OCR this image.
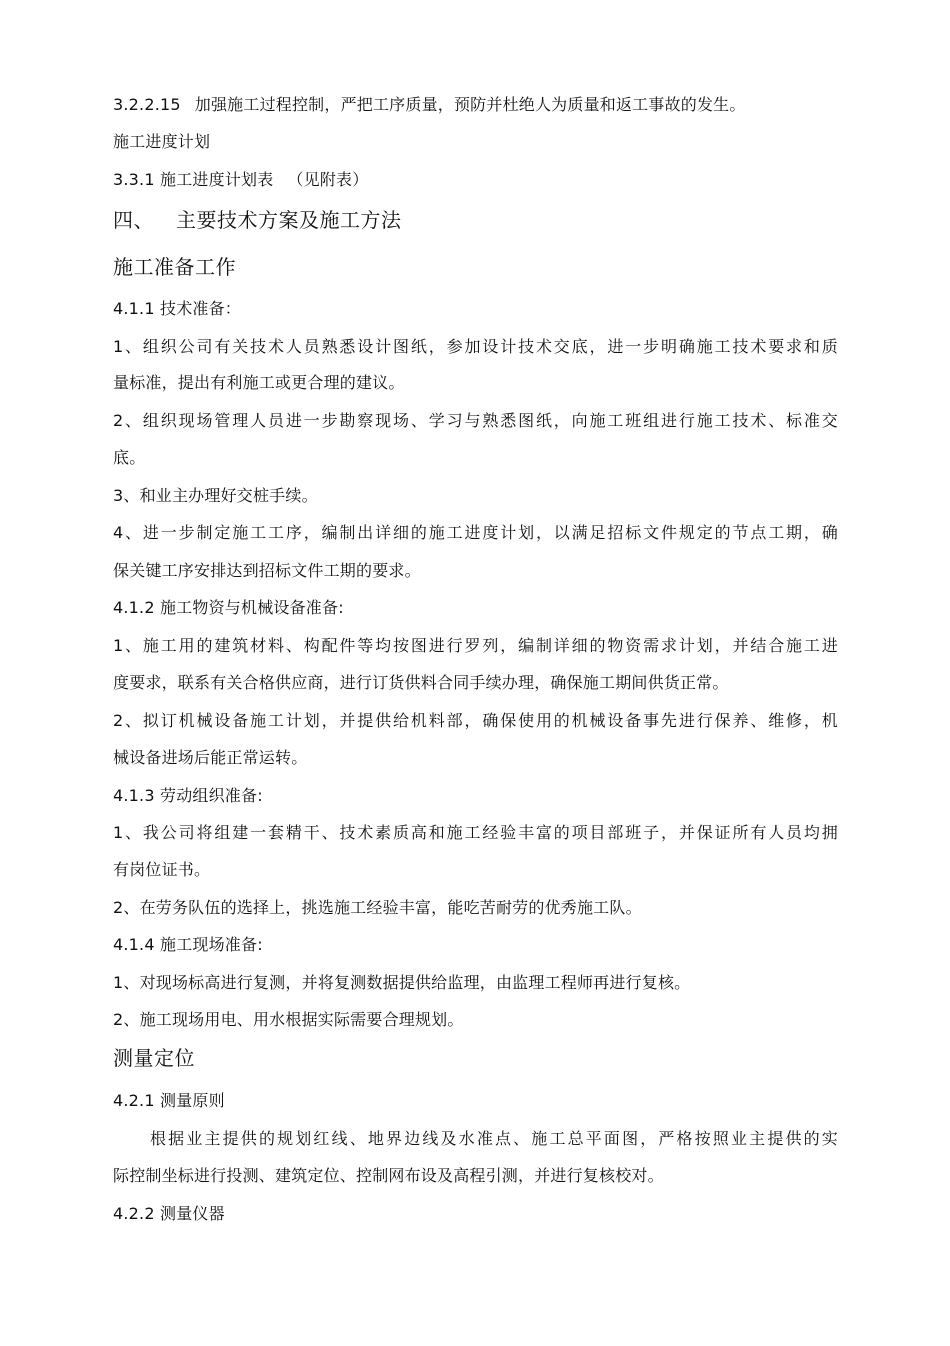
3.2.2.15 加强施工过程控制，严把工序质量，预防并杜绝人为质量和返工事故的发生。
施工进度计划
3.3.1 施工进度计划表 （见附表）
四、 主要技术方案及施工方法
施工准备工作
4.1.1 技术准备：
1、组织公司有关技术人员熟悉设计图纸，参加设计技术交底，进一步明确施工技术要求和质
量标准，提出有利施工或更合理的建议。
2、组织现场管理人员进一步勘察现场、学习与熟悉图纸，向施工班组进行施工技术、标准交
底。
3、和业主办理好交桩手续。
4、进一步制定施工工序，编制出详细的施工进度计划，以满足招标文件规定的节点工期，确
保关键工序安排达到招标文件工期的要求。
4.1.2 施工物资与机械设备准备:
1、施工用的建筑材料、构配件等均按图进行罗列，编制详细的物资需求计划，并结合施工进
度要求，联系有关合格供应商，进行订货供料合同手续办理，确保施工期间供货正常。
2、拟订机械设备施工计划，并提供给机料部，确保使用的机械设备事先进行保养、维修，机
械设备进场后能正常运转。
4.1.3 劳动组织准备:
1、我公司将组建一套精干、技术素质高和施工经验丰富的项目部班子，并保证所有人员均拥
有岗位证书。
2、在劳务队伍的选择上，挑选施工经验丰富，能吃苦耐劳的优秀施工队。
4.1.4 施工现场准备:
1、对现场标高进行复测，并将复测数据提供给监理，由监理工程师再进行复核。
2、施工现场用电、用水根据实际需要合理规划。
测量定位
4.2.1 测量原则
根据业主提供的规划红线、地界边线及水准点、施工总平面图，严格按照业主提供的实
际控制坐标进行投测、建筑定位、控制网布设及高程引测，并进行复核校对。
4.2.2 测量仪器
